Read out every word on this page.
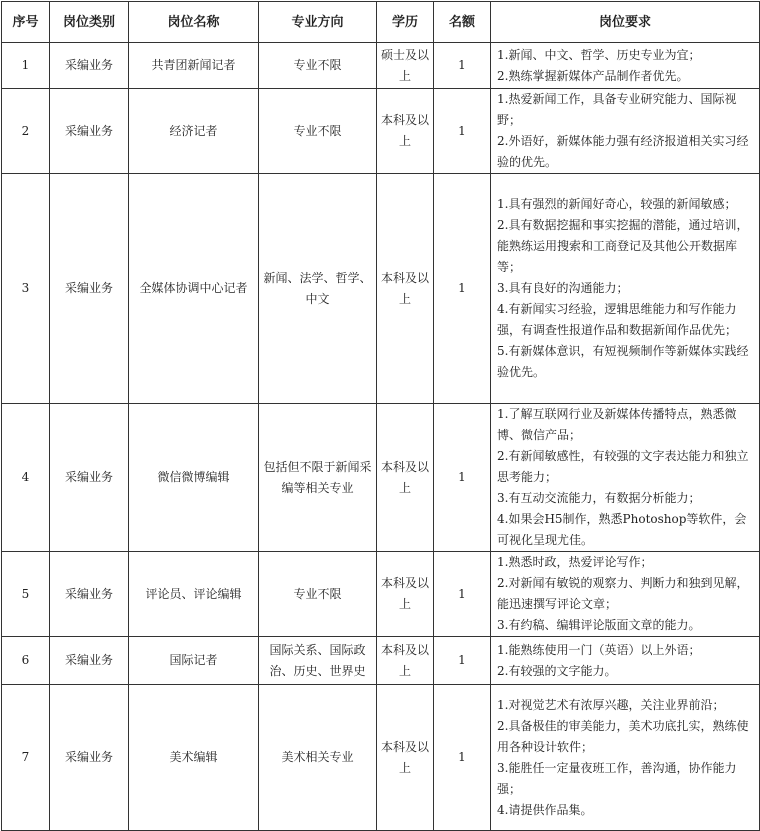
序号	岗位类别	岗位名称	专业方向	学历	名额	岗位要求
1	采编业务	共青团新闻记者	专业不限	硕士及以上	1	1.新闻、中文、哲学、历史专业为宜；
2.熟练掌握新媒体产品制作者优先。

2	采编业务	经济记者	专业不限	本科及以上	1	1.热爱新闻工作，具备专业研究能力、国际视野；
2.外语好，新媒体能力强有经济报道相关实习经验的优先。

3	采编业务	全媒体协调中心记者	新闻、法学、哲学、中文	本科及以上	1	1.具有强烈的新闻好奇心，较强的新闻敏感；
2.具有数据挖掘和事实挖掘的潜能，通过培训，能熟练运用搜索和工商登记及其他公开数据库等；
3.具有良好的沟通能力；
4.有新闻实习经验，逻辑思维能力和写作能力强，有调查性报道作品和数据新闻作品优先；
5.有新媒体意识，有短视频制作等新媒体实践经验优先。

4	采编业务	微信微博编辑	包括但不限于新闻采编等相关专业	本科及以上	1	1.了解互联网行业及新媒体传播特点，熟悉微博、微信产品；
2.有新闻敏感性，有较强的文字表达能力和独立思考能力；
3.有互动交流能力，有数据分析能力；
4.如果会H5制作，熟悉Photoshop等软件，会可视化呈现尤佳。

5	采编业务	评论员、评论编辑	专业不限	本科及以上	1	1.熟悉时政，热爱评论写作；
2.对新闻有敏锐的观察力、判断力和独到见解，能迅速撰写评论文章；
3.有约稿、编辑评论版面文章的能力。

6	采编业务	国际记者	国际关系、国际政治、历史、世界史	本科及以上	1	1.能熟练使用一门（英语）以上外语；
2.有较强的文字能力。

7	采编业务	美术编辑	美术相关专业	本科及以上	1	1.对视觉艺术有浓厚兴趣，关注业界前沿；
2.具备极佳的审美能力，美术功底扎实，熟练使用各种设计软件；
3.能胜任一定量夜班工作，善沟通，协作能力强；
4.请提供作品集。
